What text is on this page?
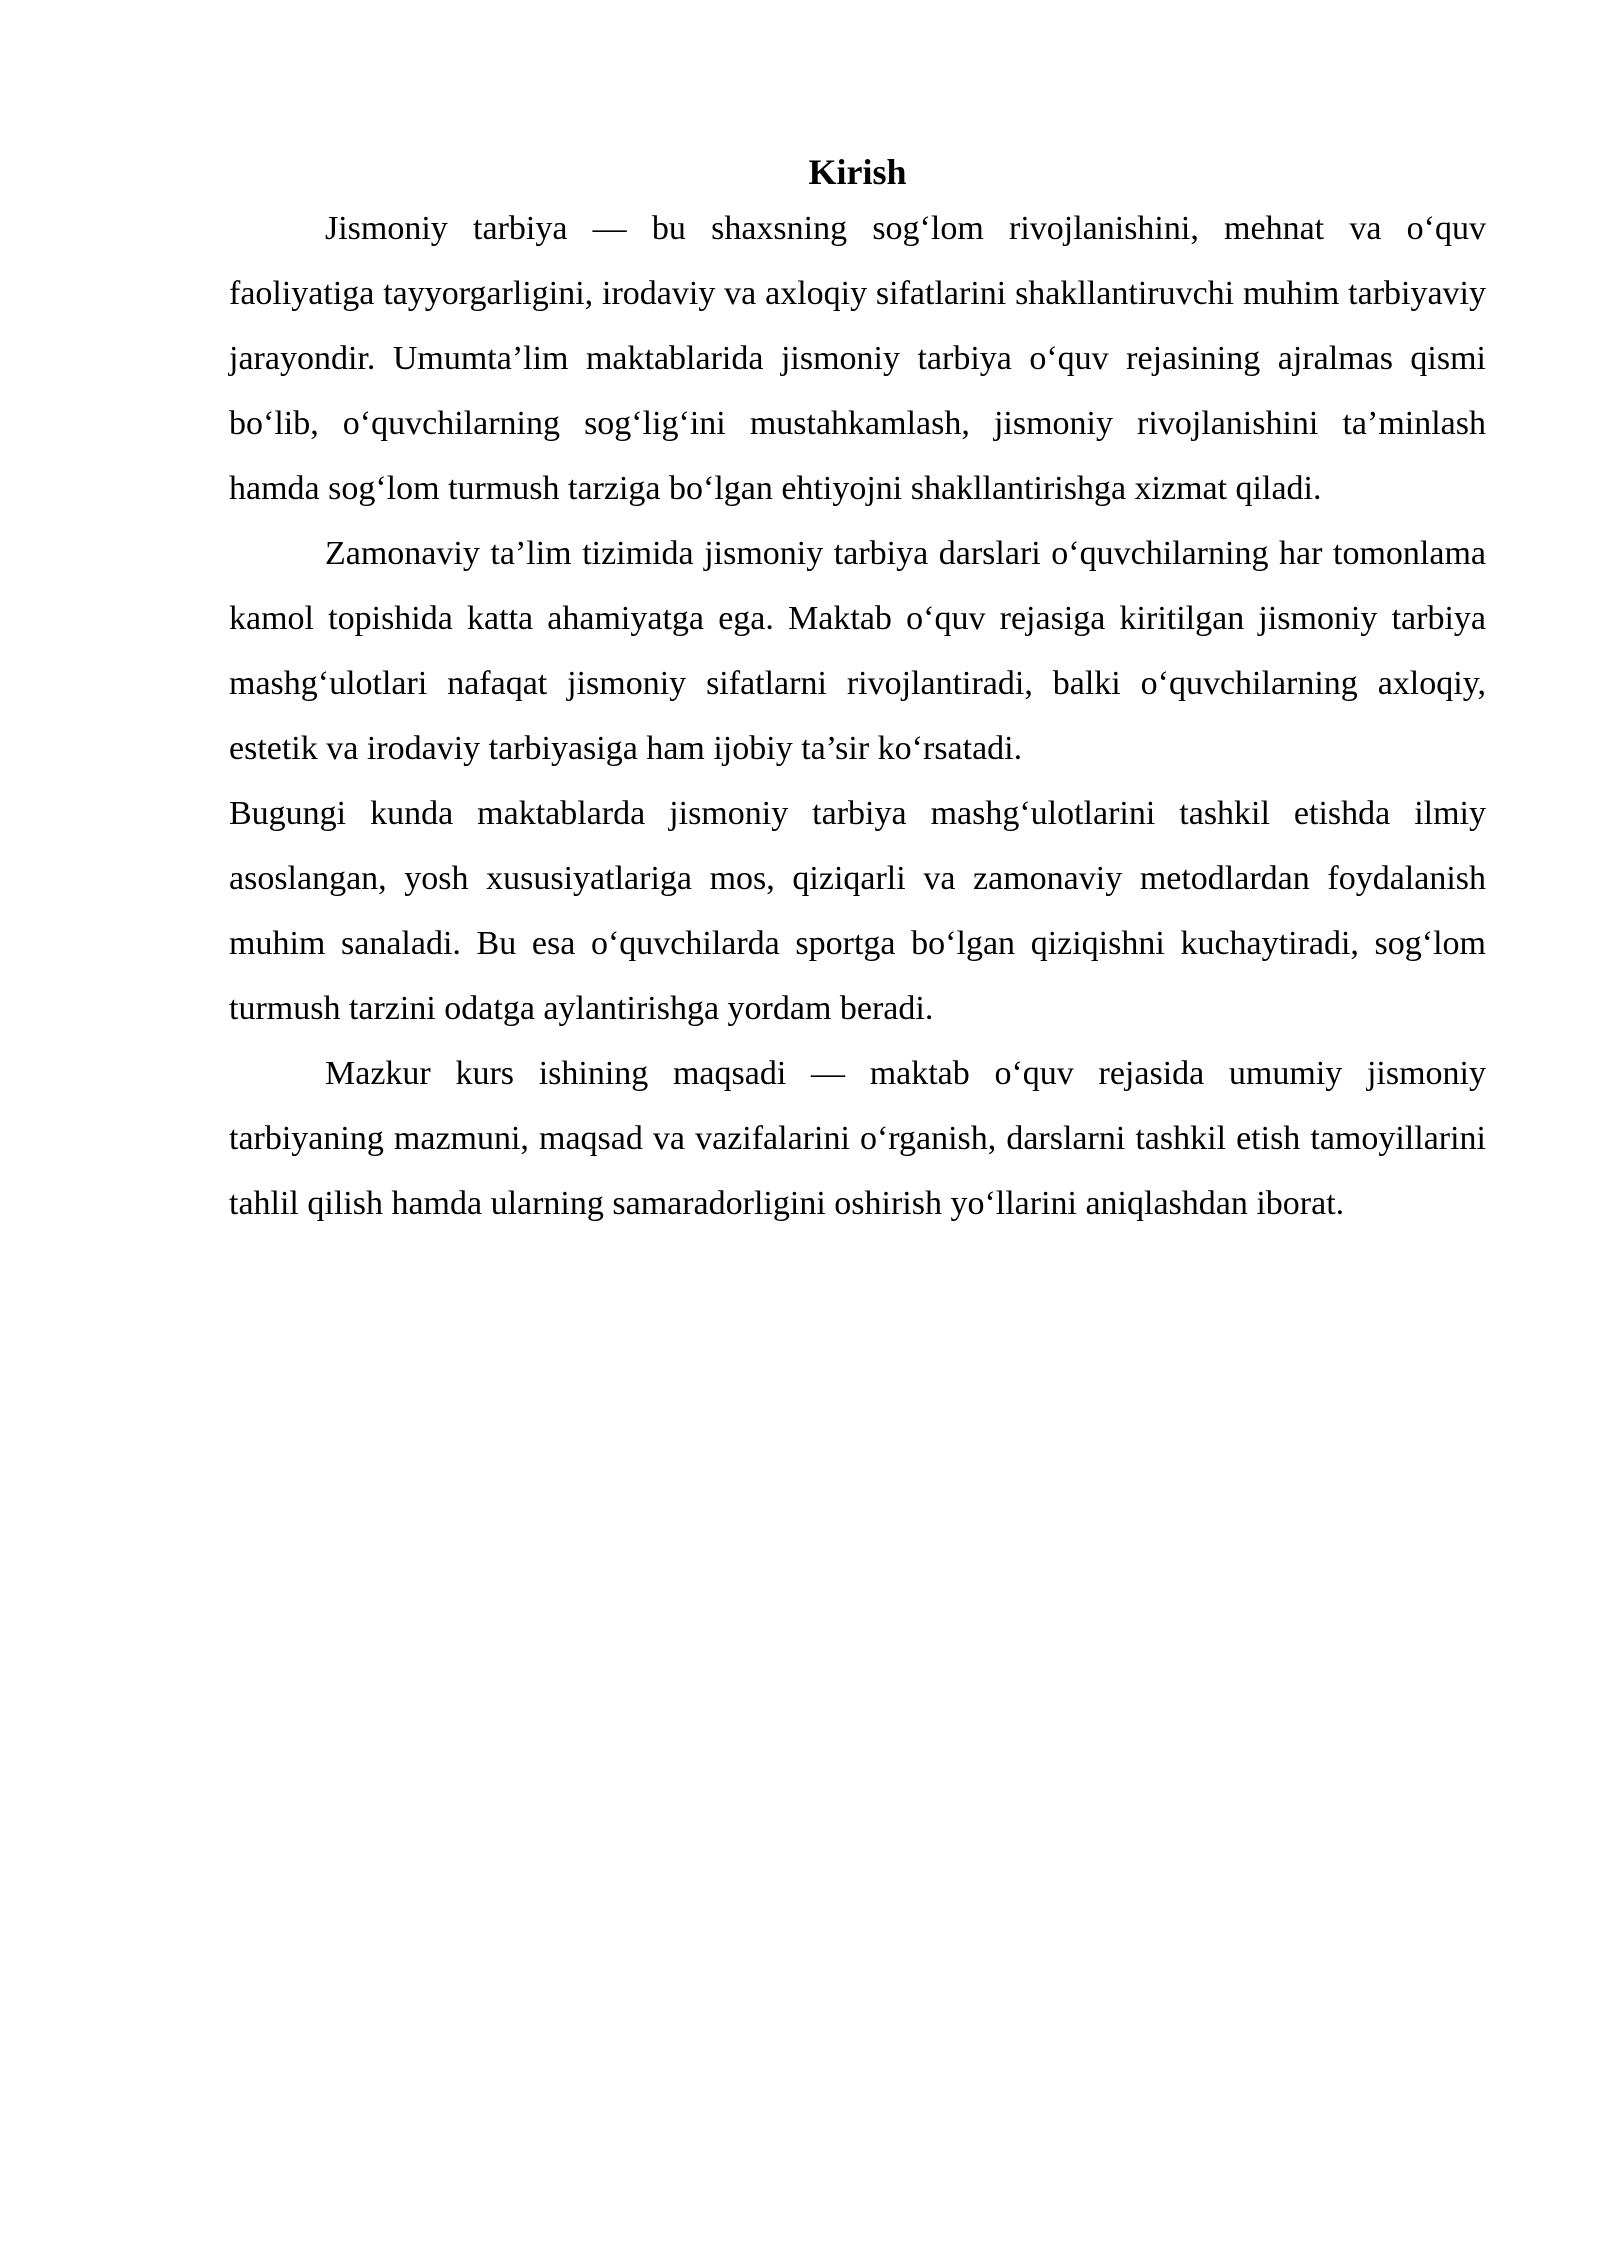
Kirish

Jismoniy tarbiya — bu shaxsning sog‘lom rivojlanishini, mehnat va o‘quv faoliyatiga tayyorgarligini, irodaviy va axloqiy sifatlarini shakllantiruvchi muhim tarbiyaviy jarayondir. Umumta’lim maktablarida jismoniy tarbiya o‘quv rejasining ajralmas qismi bo‘lib, o‘quvchilarning sog‘lig‘ini mustahkamlash, jismoniy rivojlanishini ta’minlash hamda sog‘lom turmush tarziga bo‘lgan ehtiyojni shakllantirishga xizmat qiladi.

Zamonaviy ta’lim tizimida jismoniy tarbiya darslari o‘quvchilarning har tomonlama kamol topishida katta ahamiyatga ega. Maktab o‘quv rejasiga kiritilgan jismoniy tarbiya mashg‘ulotlari nafaqat jismoniy sifatlarni rivojlantiradi, balki o‘quvchilarning axloqiy, estetik va irodaviy tarbiyasiga ham ijobiy ta’sir ko‘rsatadi.

Bugungi kunda maktablarda jismoniy tarbiya mashg‘ulotlarini tashkil etishda ilmiy asoslangan, yosh xususiyatlariga mos, qiziqarli va zamonaviy metodlardan foydalanish muhim sanaladi. Bu esa o‘quvchilarda sportga bo‘lgan qiziqishni kuchaytiradi, sog‘lom turmush tarzini odatga aylantirishga yordam beradi.

Mazkur kurs ishining maqsadi — maktab o‘quv rejasida umumiy jismoniy tarbiyaning mazmuni, maqsad va vazifalarini o‘rganish, darslarni tashkil etish tamoyillarini tahlil qilish hamda ularning samaradorligini oshirish yo‘llarini aniqlashdan iborat.
